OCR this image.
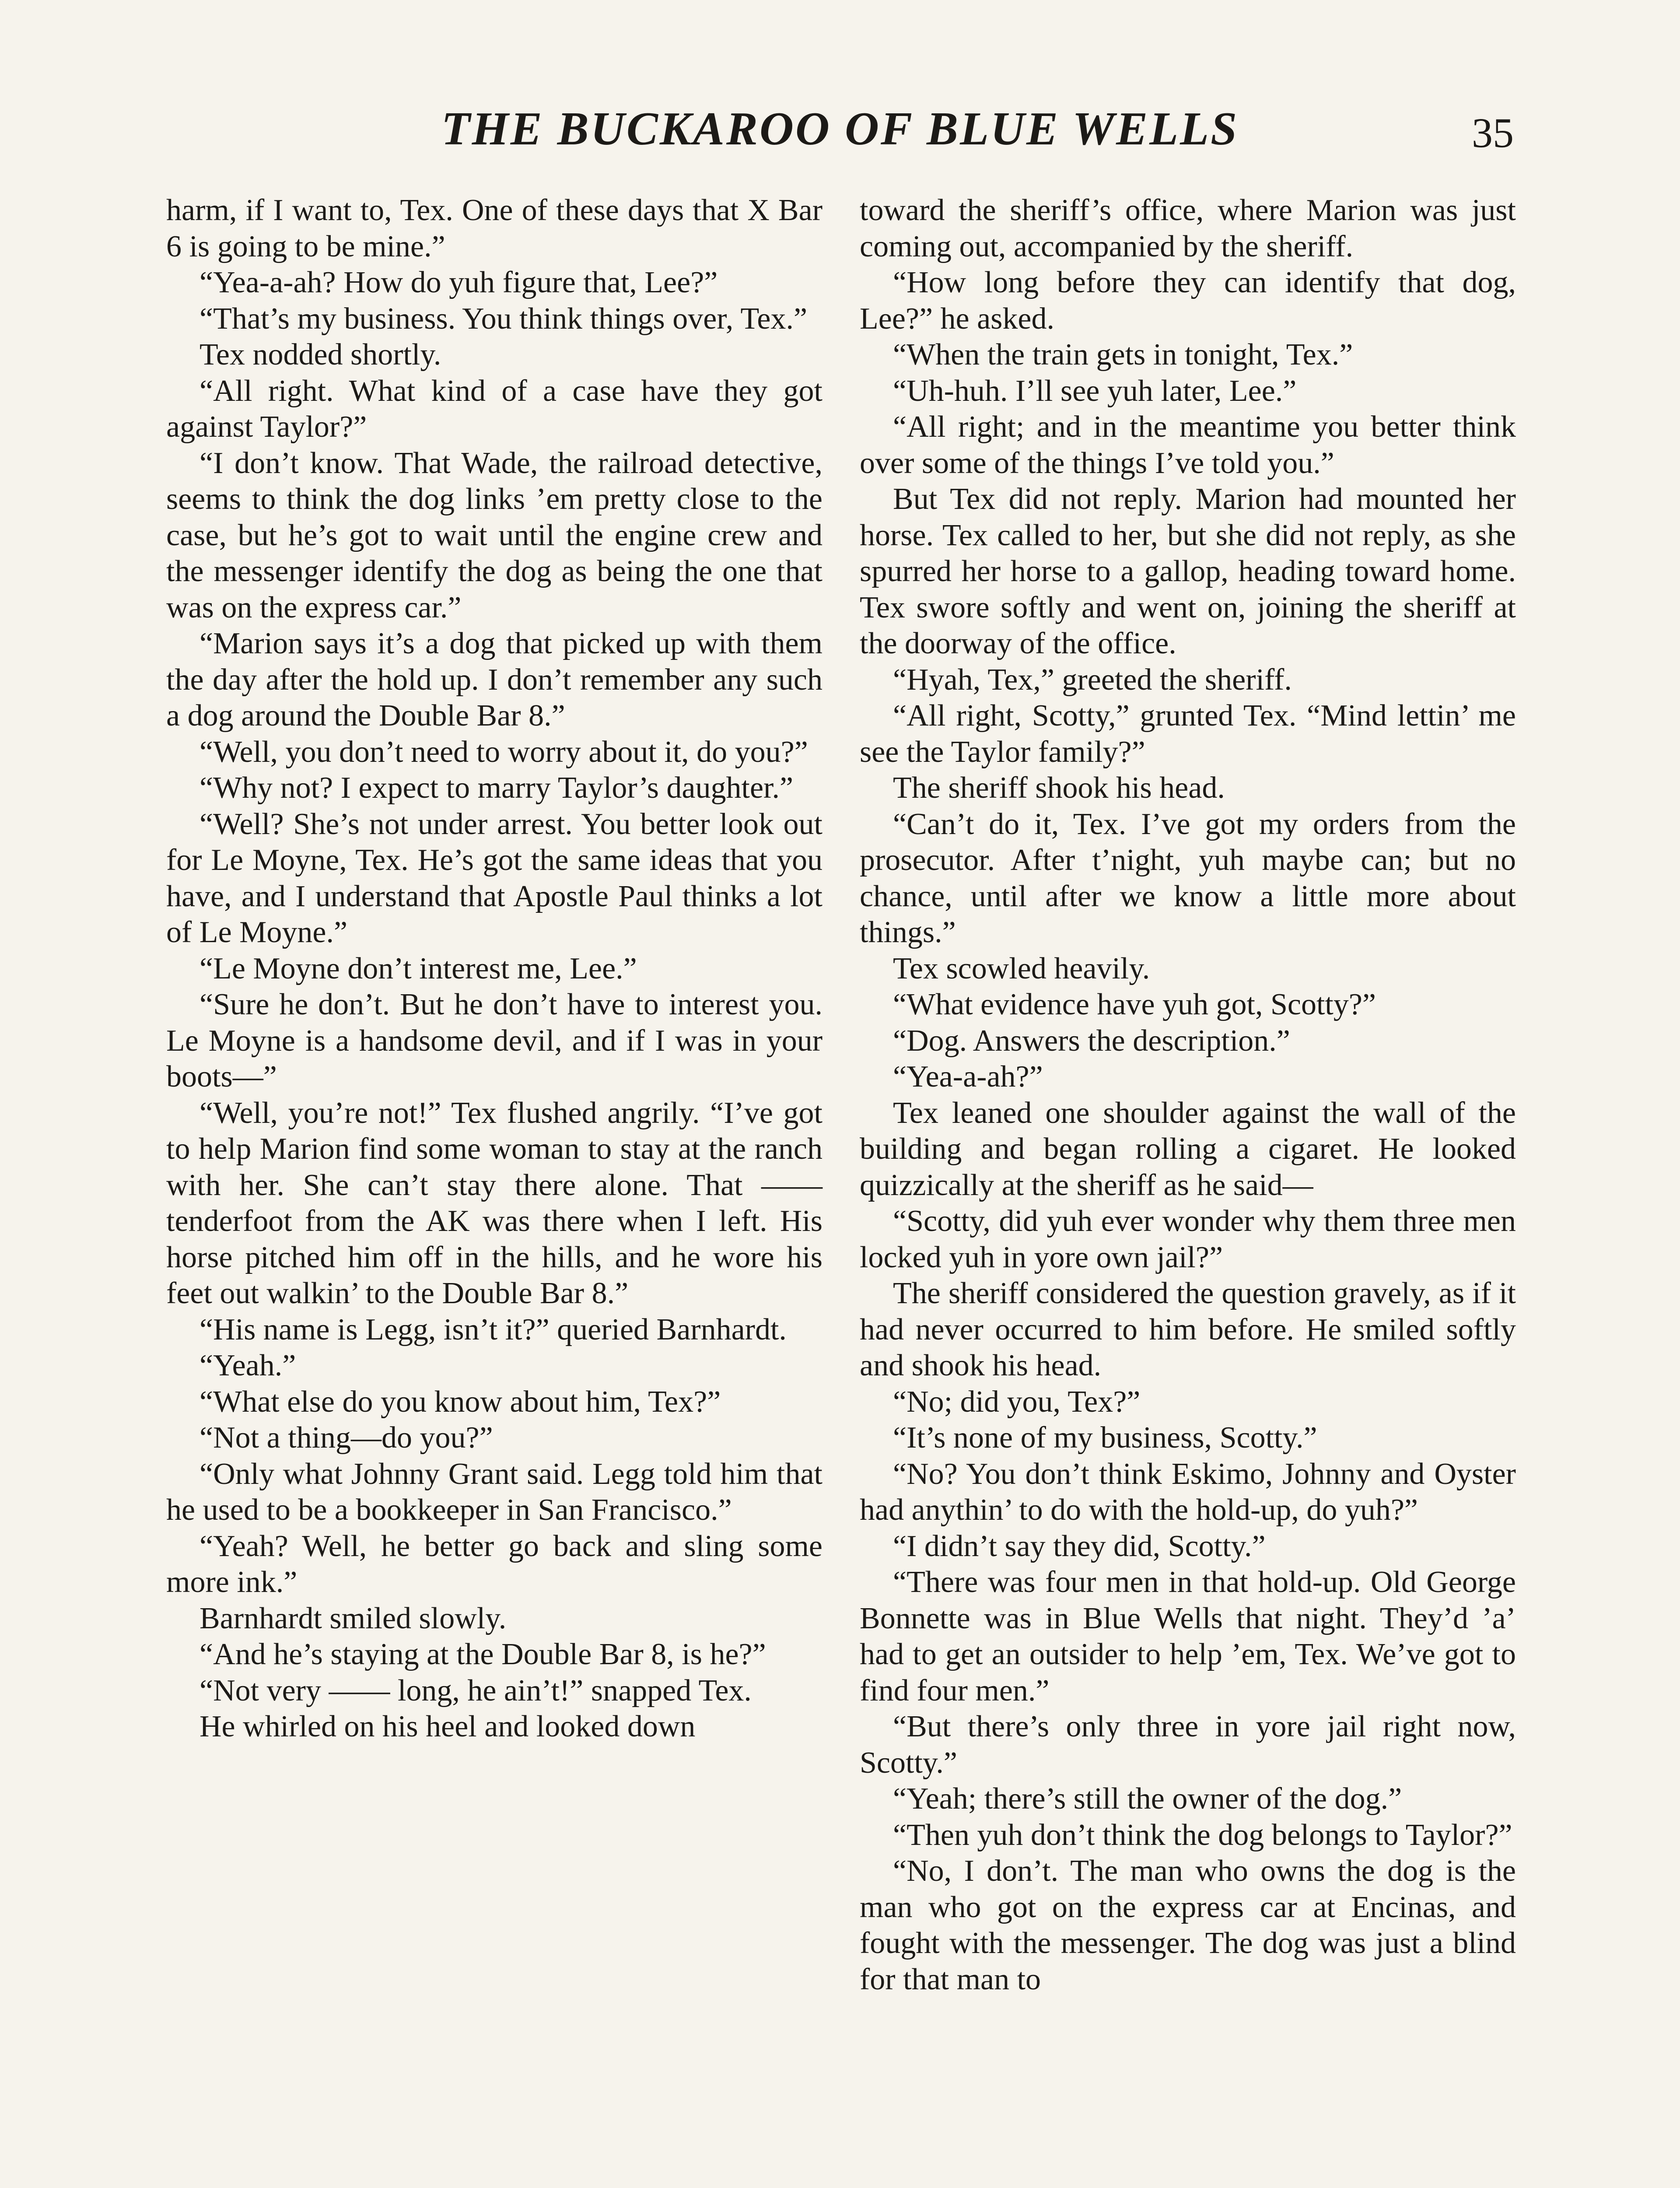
THE BUCKAROO OF BLUE WELLS	35

harm, if I want to, Tex. One of these days that X Bar 6 is going to be mine.”

“Yea-a-ah? How do yuh figure that, Lee?”

“That’s my business. You think things over, Tex.”

Tex nodded shortly.

“All right. What kind of a case have they got against Taylor?”

“I don’t know. That Wade, the railroad detective, seems to think the dog links ’em pretty close to the case, but he’s got to wait until the engine crew and the messenger identify the dog as being the one that was on the express car.”

“Marion says it’s a dog that picked up with them the day after the hold up. I don’t remember any such a dog around the Double Bar 8.”

“Well, you don’t need to worry about it, do you?”

“Why not? I expect to marry Taylor’s daughter.”

“Well? She’s not under arrest. You better look out for Le Moyne, Tex. He’s got the same ideas that you have, and I understand that Apostle Paul thinks a lot of Le Moyne.”

“Le Moyne don’t interest me, Lee.”

“Sure he don’t. But he don’t have to interest you. Le Moyne is a handsome devil, and if I was in your boots—”

“Well, you’re not!” Tex flushed angrily. “I’ve got to help Marion find some woman to stay at the ranch with her. She can’t stay there alone. That —— tenderfoot from the AK was there when I left. His horse pitched him off in the hills, and he wore his feet out walkin’ to the Double Bar 8.”

“His name is Legg, isn’t it?” queried Barnhardt.

“Yeah.”

“What else do you know about him, Tex?”

“Not a thing—do you?”

“Only what Johnny Grant said. Legg told him that he used to be a bookkeeper in San Francisco.”

“Yeah? Well, he better go back and sling some more ink.”

Barnhardt smiled slowly.

“And he’s staying at the Double Bar 8, is he?”

“Not very —— long, he ain’t!” snapped Tex.

He whirled on his heel and looked down

toward the sheriff’s office, where Marion was just coming out, accompanied by the sheriff.

“How long before they can identify that dog, Lee?” he asked.

“When the train gets in tonight, Tex.”

“Uh-huh. I’ll see yuh later, Lee.”

“All right; and in the meantime you better think over some of the things I’ve told you.”

But Tex did not reply. Marion had mounted her horse. Tex called to her, but she did not reply, as she spurred her horse to a gallop, heading toward home. Tex swore softly and went on, joining the sheriff at the doorway of the office.

“Hyah, Tex,” greeted the sheriff.

“All right, Scotty,” grunted Tex. “Mind lettin’ me see the Taylor family?”

The sheriff shook his head.

“Can’t do it, Tex. I’ve got my orders from the prosecutor. After t’night, yuh maybe can; but no chance, until after we know a little more about things.”

Tex scowled heavily.

“What evidence have yuh got, Scotty?”

“Dog. Answers the description.”

“Yea-a-ah?”

Tex leaned one shoulder against the wall of the building and began rolling a cigaret. He looked quizzically at the sheriff as he said—

“Scotty, did yuh ever wonder why them three men locked yuh in yore own jail?”

The sheriff considered the question gravely, as if it had never occurred to him before. He smiled softly and shook his head.

“No; did you, Tex?”

“It’s none of my business, Scotty.”

“No? You don’t think Eskimo, Johnny and Oyster had anythin’ to do with the hold-up, do yuh?”

“I didn’t say they did, Scotty.”

“There was four men in that hold-up. Old George Bonnette was in Blue Wells that night. They’d ’a’ had to get an outsider to help ’em, Tex. We’ve got to find four men.”

“But there’s only three in yore jail right now, Scotty.”

“Yeah; there’s still the owner of the dog.”

“Then yuh don’t think the dog belongs to Taylor?”

“No, I don’t. The man who owns the dog is the man who got on the express car at Encinas, and fought with the messenger. The dog was just a blind for that man to
